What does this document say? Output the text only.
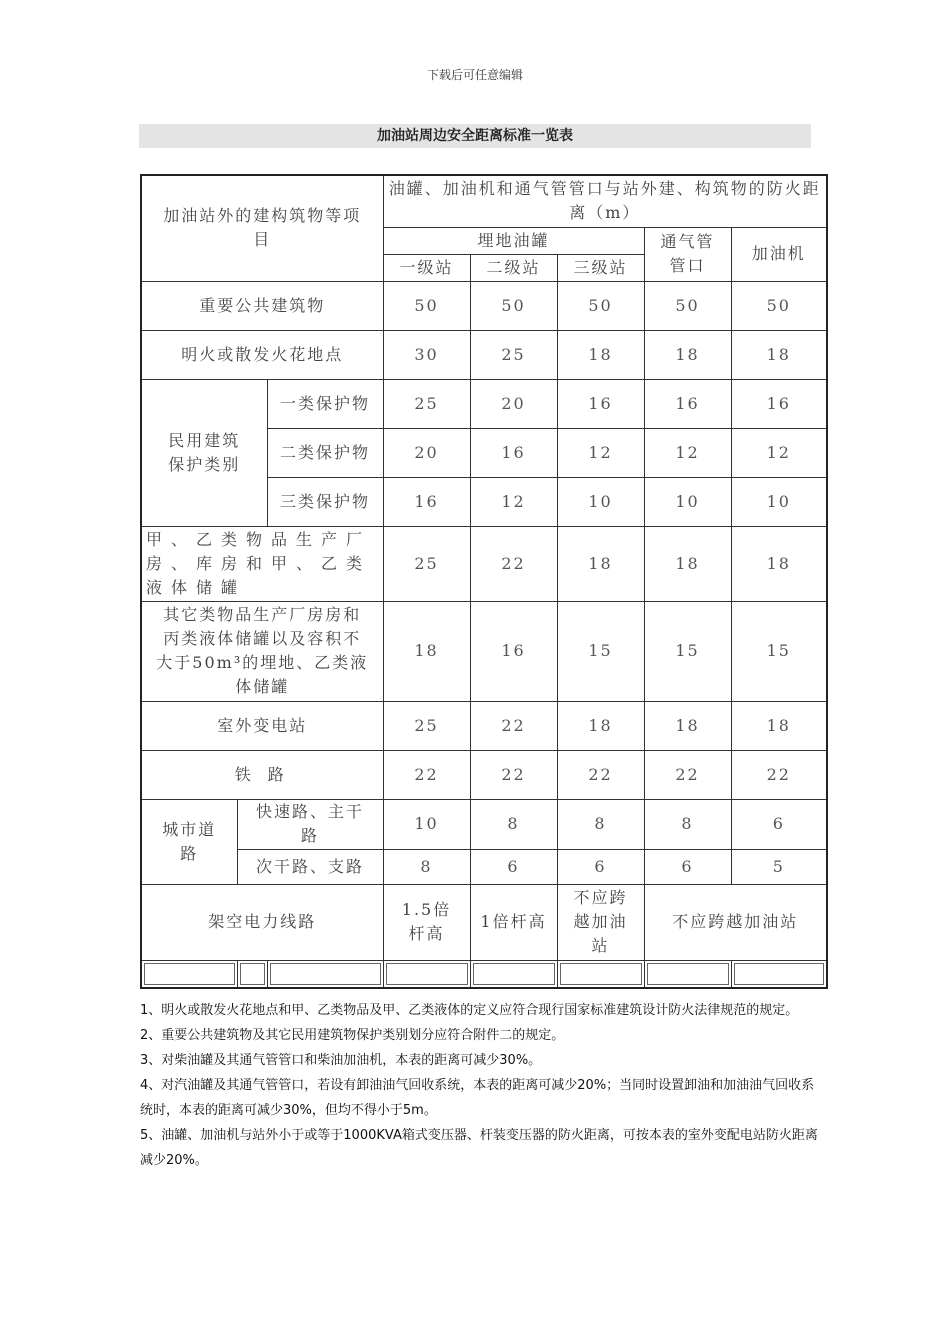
下载后可任意编辑
加油站周边安全距离标准一览表
加油站外的建构筑物等项目			油罐、加油机和通气管管口与站外建、构筑物的防火距离（m）				
			埋地油罐			通气管管口	加油机
			一级站	二级站	三级站		
重要公共建筑物			50	50	50	50	50
明火或散发火花地点			30	25	18	18	18
民用建筑保护类别		一类保护物	25	20	16	16	16
		二类保护物	20	16	12	12	12
		三类保护物	16	12	10	10	10
甲、乙类物品生产厂房、库房和甲、乙类液体储罐			25	22	18	18	18
其它类物品生产厂房房和丙类液体储罐以及容积不大于50m³的埋地、乙类液体储罐			18	16	15	15	15
室外变电站			25	22	18	18	18
铁 路			22	22	22	22	22
城市道路	快速路、主干路		10	8	8	8	6
	次干路、支路		8	6	6	6	5
架空电力线路			1.5倍杆高	1倍杆高	不应跨越加油站	不应跨越加油站	

1、明火或散发火花地点和甲、乙类物品及甲、乙类液体的定义应符合现行国家标准建筑设计防火法律规范的规定。

2、重要公共建筑物及其它民用建筑物保护类别划分应符合附件二的规定。

3、对柴油罐及其通气管管口和柴油加油机，本表的距离可减少30%。

4、对汽油罐及其通气管管口，若设有卸油油气回收系统，本表的距离可减少20%；当同时设置卸油和加油油气回收系统时，本表的距离可减少30%，但均不得小于5m。

5、油罐、加油机与站外小于或等于1000KVA箱式变压器、杆装变压器的防火距离，可按本表的室外变配电站防火距离减少20%。
